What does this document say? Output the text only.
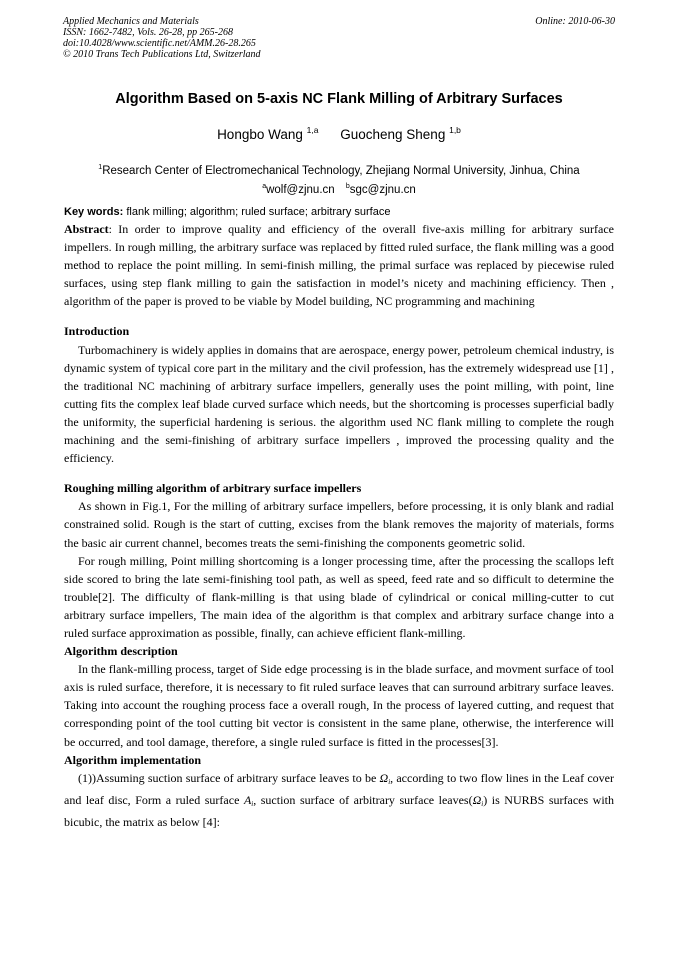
Applied Mechanics and Materials
ISSN: 1662-7482, Vols. 26-28, pp 265-268
doi:10.4028/www.scientific.net/AMM.26-28.265
© 2010 Trans Tech Publications Ltd, Switzerland
Online: 2010-06-30
Algorithm Based on 5-axis NC Flank Milling of Arbitrary Surfaces
Hongbo Wang $^{1,a}$ Guocheng Sheng $^{1,b}$
$^1$Research Center of Electromechanical Technology, Zhejiang Normal University, Jinhua, China
$^a$wolf@zjnu.cn $^b$sgc@zjnu.cn
Key words: flank milling; algorithm; ruled surface; arbitrary surface

Abstract: In order to improve quality and efficiency of the overall five-axis milling for arbitrary surface impellers. In rough milling, the arbitrary surface was replaced by fitted ruled surface, the flank milling was a good method to replace the point milling. In semi-finish milling, the primal surface was replaced by piecewise ruled surfaces, using step flank milling to gain the satisfaction in model’s nicety and machining efficiency. Then , algorithm of the paper is proved to be viable by Model building, NC programming and machining

Introduction

Turbomachinery is widely applies in domains that are aerospace, energy power, petroleum chemical industry, is dynamic system of typical core part in the military and the civil profession, has the extremely widespread use [1] , the traditional NC machining of arbitrary surface impellers, generally uses the point milling, with point, line cutting fits the complex leaf blade curved surface which needs, but the shortcoming is processes superficial badly the uniformity, the superficial hardening is serious. the algorithm used NC flank milling to complete the rough machining and the semi-finishing of arbitrary surface impellers , improved the processing quality and the efficiency.

Roughing milling algorithm of arbitrary surface impellers

As shown in Fig.1, For the milling of arbitrary surface impellers, before processing, it is only blank and radial constrained solid. Rough is the start of cutting, excises from the blank removes the majority of materials, forms the basic air current channel, becomes treats the semi-finishing the components geometric solid.

For rough milling, Point milling shortcoming is a longer processing time, after the processing the scallops left side scored to bring the late semi-finishing tool path, as well as speed, feed rate and so difficult to determine the trouble[2]. The difficulty of flank-milling is that using blade of cylindrical or conical milling-cutter to cut arbitrary surface impellers, The main idea of the algorithm is that complex and arbitrary surface change into a ruled surface approximation as possible, finally, can achieve efficient flank-milling.

Algorithm description

In the flank-milling process, target of Side edge processing is in the blade surface, and movment surface of tool axis is ruled surface, therefore, it is necessary to fit ruled surface leaves that can surround arbitrary surface leaves. Taking into account the roughing process face a overall rough, In the process of layered cutting, and request that corresponding point of the tool cutting bit vector is consistent in the same plane, otherwise, the interference will be occurred, and tool damage, therefore, a single ruled surface is fitted in the processes[3].

Algorithm implementation

(1))Assuming suction surface of arbitrary surface leaves to be $\Omega_i$, according to two flow lines in the Leaf cover and leaf disc, Form a ruled surface $A_i$, suction surface of arbitrary surface $leaves(\Omega_i)$ is NURBS surfaces with bicubic, the matrix as below [4]:
